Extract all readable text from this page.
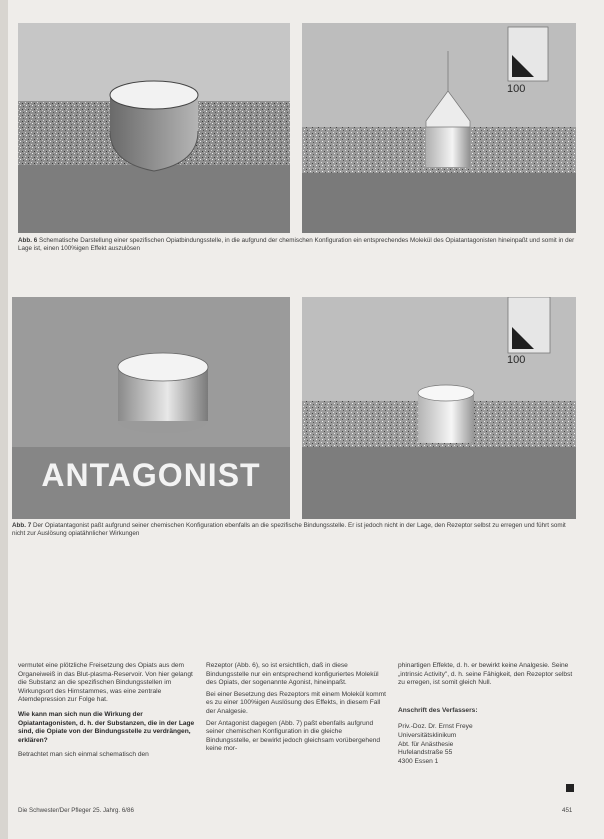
100
Abb. 6 Schematische Darstellung einer spezifischen Opiatbindungsstelle, in die aufgrund der chemischen Konfiguration ein entsprechendes Molekül des Opiatantagonisten hineinpaßt und somit in der Lage ist, einen 100%igen Effekt auszulösen
ANTAGONIST
100
Abb. 7 Der Opiatantagonist paßt aufgrund seiner chemischen Konfiguration ebenfalls an die spezifische Bindungsstelle. Er ist jedoch nicht in der Lage, den Rezeptor selbst zu erregen und führt somit nicht zur Auslösung opiatähnlicher Wirkungen

vermutet eine plötzliche Freisetzung des Opiats aus dem Organeiweiß in das Blut-plasma-Reservoir. Von hier gelangt die Substanz an die spezifischen Bindungsstellen im Wirkungsort des Hirnstammes, was eine zentrale Atemdepression zur Folge hat.

Wie kann man sich nun die Wirkung der Opiatantagonisten, d. h. der Substanzen, die in der Lage sind, die Opiate von der Bindungsstelle zu verdrängen, erklären?

Betrachtet man sich einmal schematisch den

Rezeptor (Abb. 6), so ist ersichtlich, daß in diese Bindungsstelle nur ein entsprechend konfiguriertes Molekül des Opiats, der sogenannte Agonist, hineinpaßt.

Bei einer Besetzung des Rezeptors mit einem Molekül kommt es zu einer 100%igen Auslösung des Effekts, in diesem Fall der Analgesie.

Der Antagonist dagegen (Abb. 7) paßt ebenfalls aufgrund seiner chemischen Konfiguration in die gleiche Bindungsstelle, er bewirkt jedoch gleichsam vorübergehend keine mor-

phinartigen Effekte, d. h. er bewirkt keine Analgesie. Seine „intrinsic Activity", d. h. seine Fähigkeit, den Rezeptor selbst zu erregen, ist somit gleich Null.

Anschrift des Verfassers:
Priv.-Doz. Dr. Ernst Freye
Universitätsklinikum
Abt. für Anästhesie
Hufelandstraße 55
4300 Essen 1
Die Schwester/Der Pfleger 25. Jahrg. 6/86	451
